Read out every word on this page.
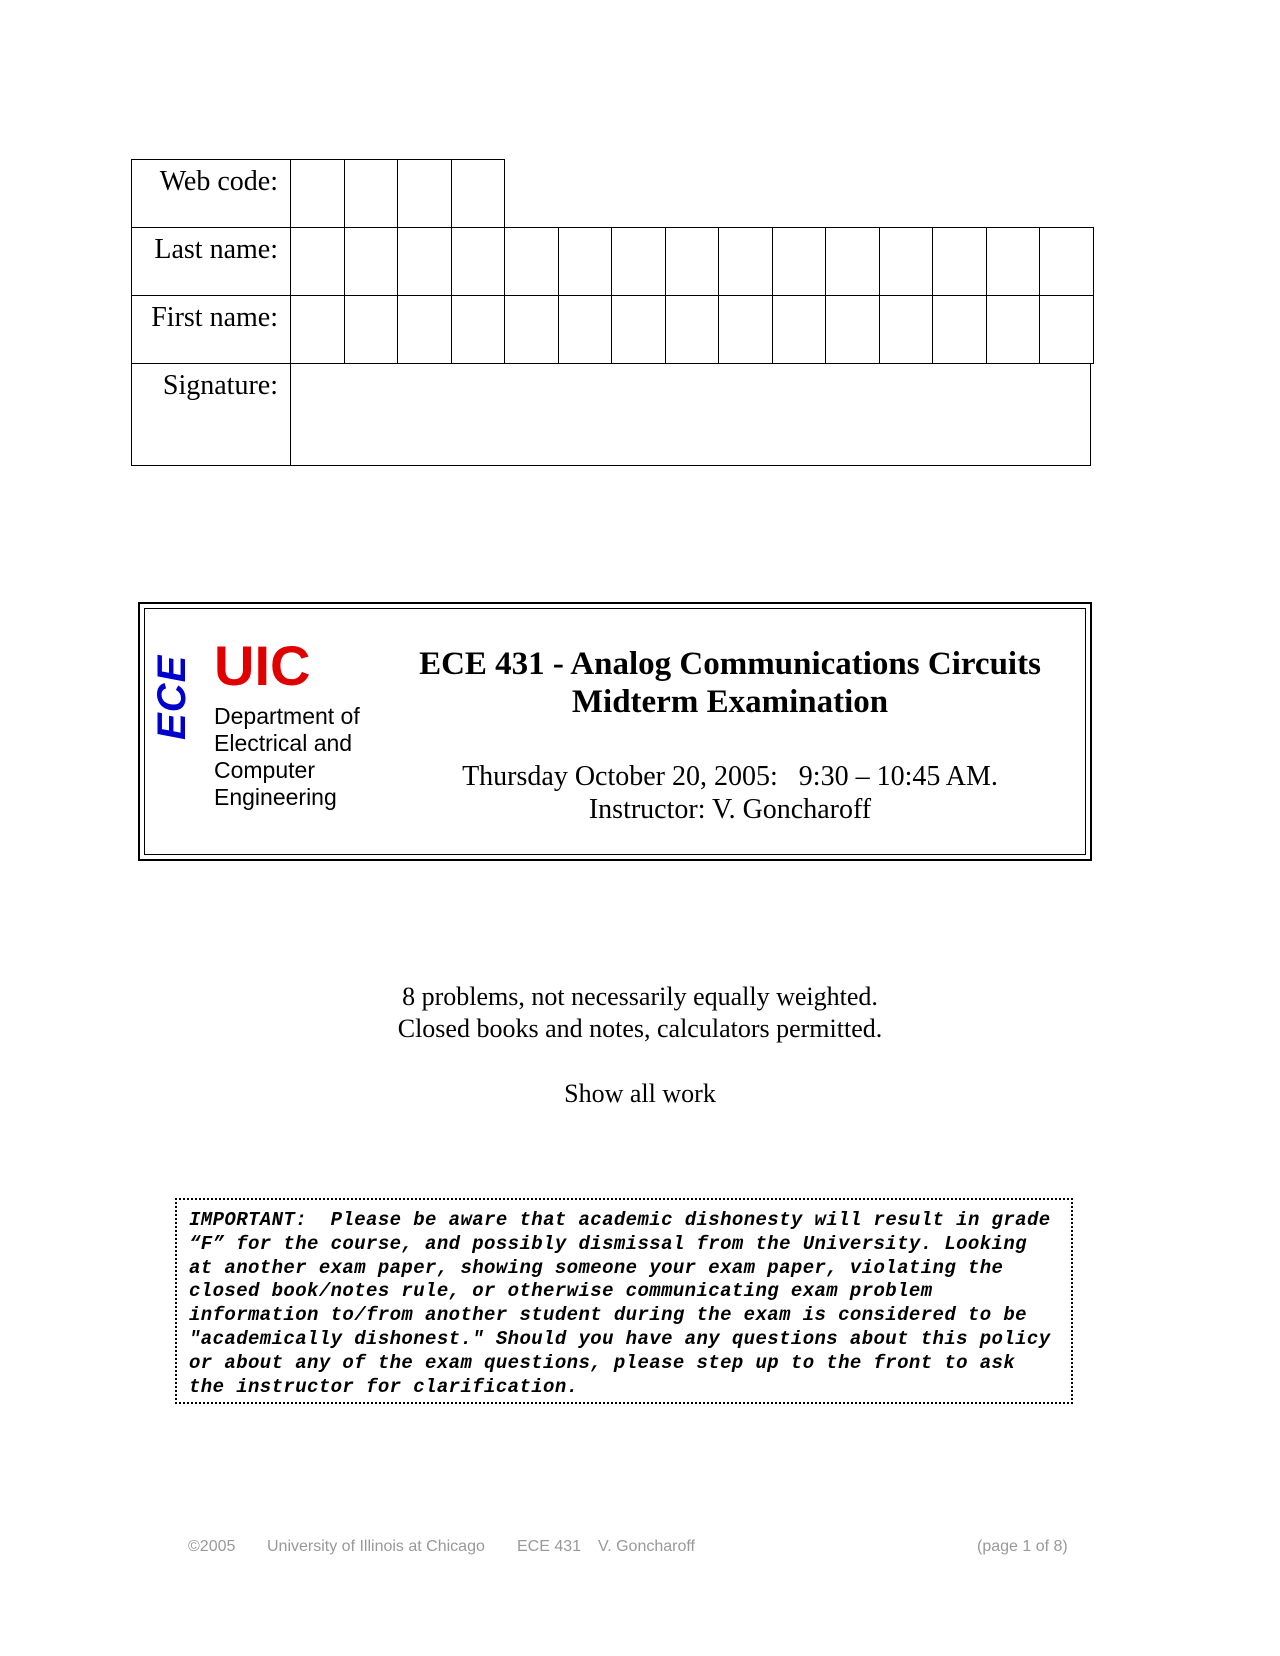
Web code:
Last name:
First name:
Signature:
ECE UIC
Department of Electrical and Computer Engineering
ECE 431 - Analog Communications Circuits
Midterm Examination
Thursday October 20, 2005:   9:30 – 10:45 AM.
Instructor: V. Goncharoff
8 problems, not necessarily equally weighted.
Closed books and notes, calculators permitted.
Show all work
IMPORTANT: Please be aware that academic dishonesty will result in grade “F” for the course, and possibly dismissal from the University. Looking at another exam paper, showing someone your exam paper, violating the closed book/notes rule, or otherwise communicating exam problem information to/from another student during the exam is considered to be "academically dishonest." Should you have any questions about this policy or about any of the exam questions, please step up to the front to ask the instructor for clarification.
©2005 University of Illinois at Chicago ECE 431 V. Goncharoff	(page 1 of 8)
